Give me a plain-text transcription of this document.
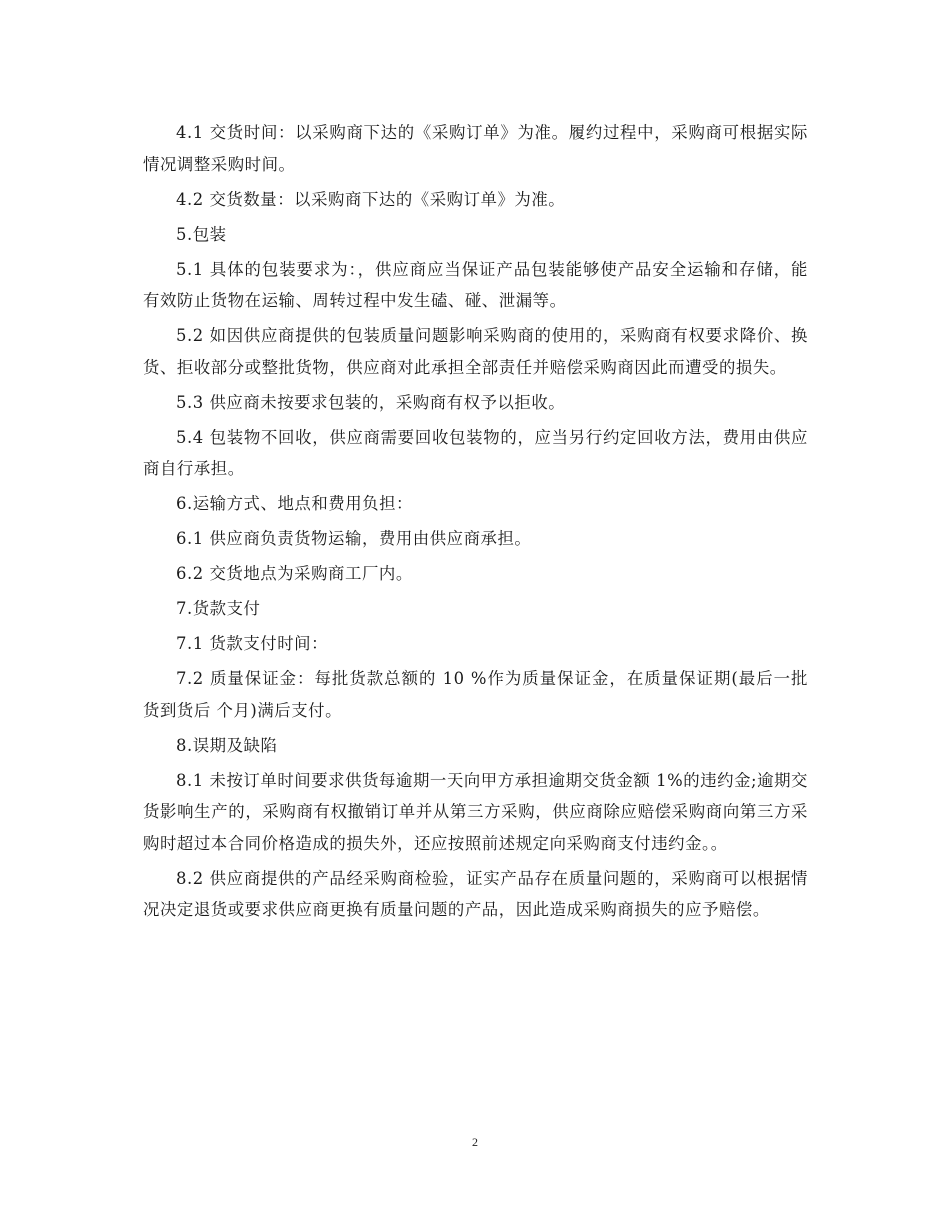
4.1 交货时间：以采购商下达的《采购订单》为准。履约过程中，采购商可根据实际情况调整采购时间。

4.2 交货数量：以采购商下达的《采购订单》为准。

5.包装

5.1 具体的包装要求为：，供应商应当保证产品包装能够使产品安全运输和存储，能有效防止货物在运输、周转过程中发生磕、碰、泄漏等。

5.2 如因供应商提供的包装质量问题影响采购商的使用的，采购商有权要求降价、换货、拒收部分或整批货物，供应商对此承担全部责任并赔偿采购商因此而遭受的损失。

5.3 供应商未按要求包装的，采购商有权予以拒收。

5.4 包装物不回收，供应商需要回收包装物的，应当另行约定回收方法，费用由供应商自行承担。

6.运输方式、地点和费用负担：

6.1 供应商负责货物运输，费用由供应商承担。

6.2 交货地点为采购商工厂内。

7.货款支付

7.1 货款支付时间：

7.2 质量保证金：每批货款总额的 10 %作为质量保证金，在质量保证期(最后一批货到货后 个月)满后支付。

8.误期及缺陷

8.1 未按订单时间要求供货每逾期一天向甲方承担逾期交货金额 1%的违约金;逾期交货影响生产的，采购商有权撤销订单并从第三方采购，供应商除应赔偿采购商向第三方采购时超过本合同价格造成的损失外，还应按照前述规定向采购商支付违约金。。

8.2 供应商提供的产品经采购商检验，证实产品存在质量问题的，采购商可以根据情况决定退货或要求供应商更换有质量问题的产品，因此造成采购商损失的应予赔偿。

2
